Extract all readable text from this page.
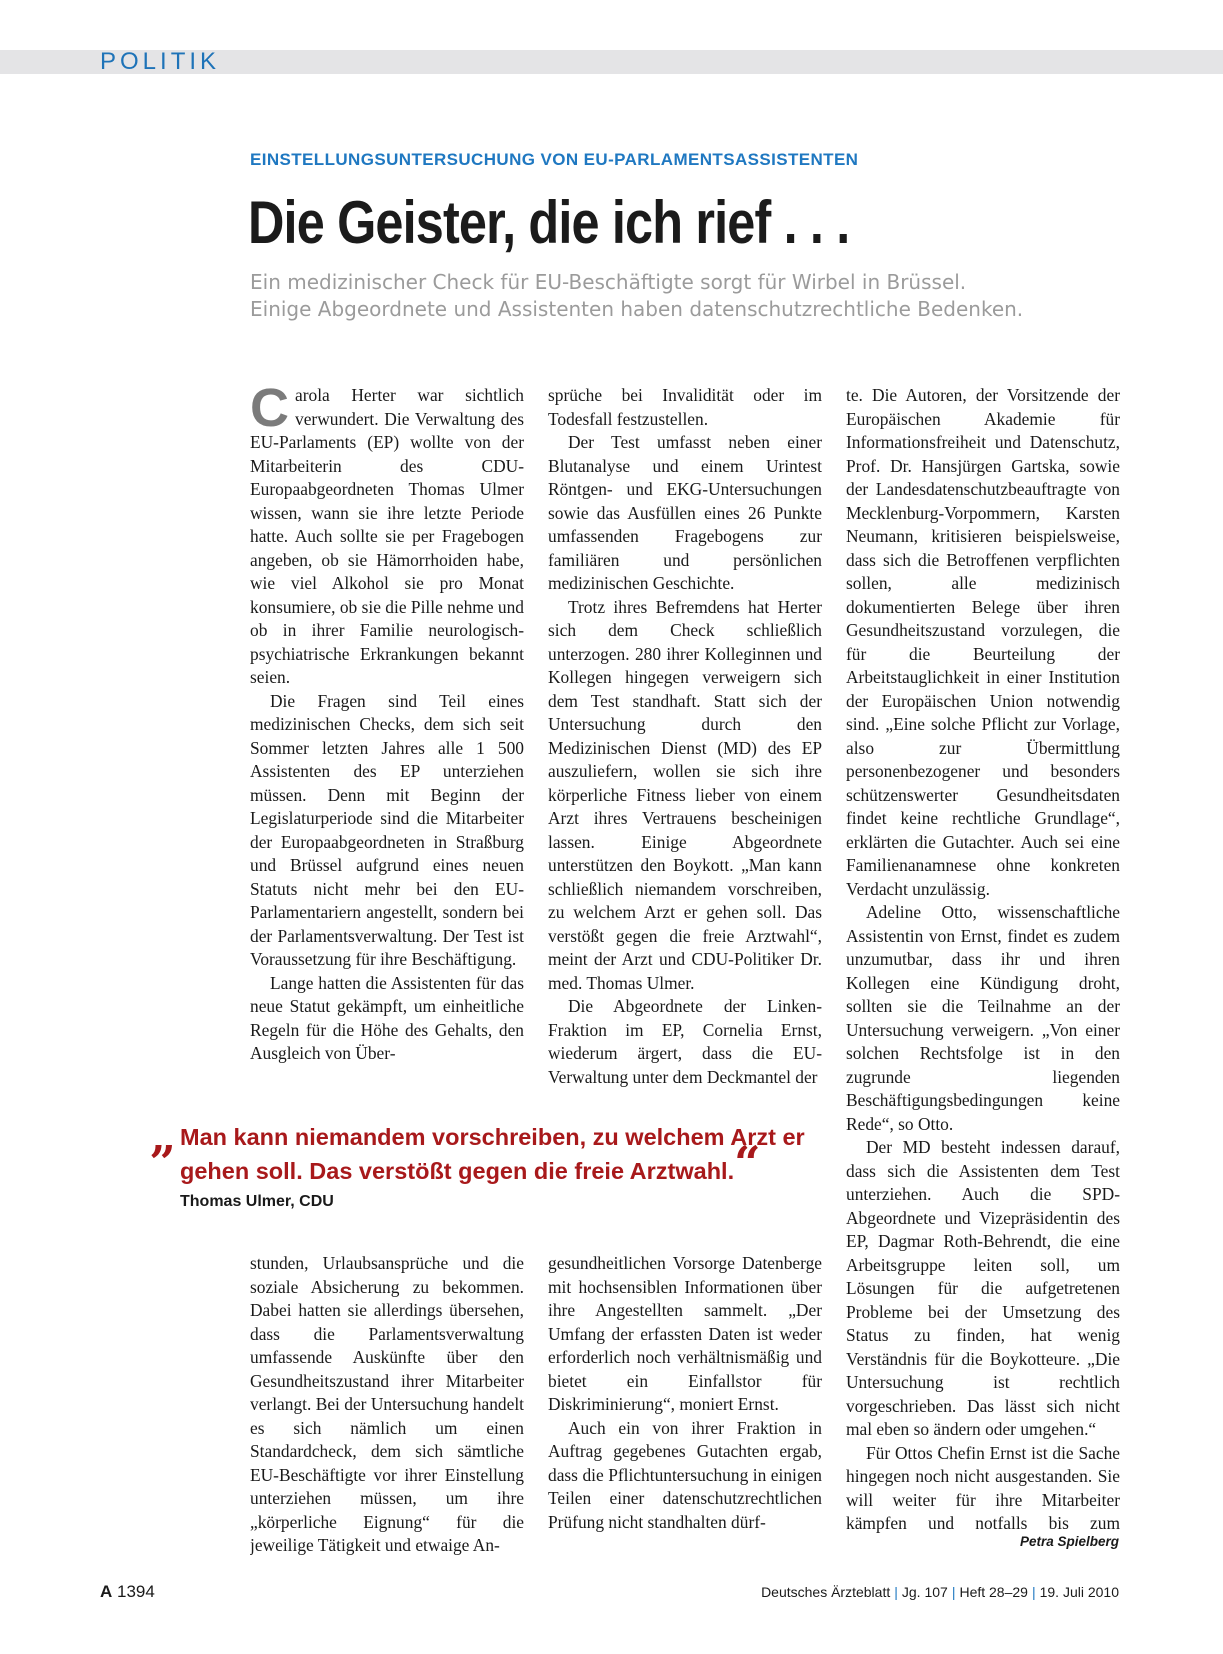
POLITIK
EINSTELLUNGSUNTERSUCHUNG VON EU-PARLAMENTSASSISTENTEN
Die Geister, die ich rief . . .
Ein medizinischer Check für EU-Beschäftigte sorgt für Wirbel in Brüssel.
Einige Abgeordnete und Assistenten haben datenschutzrechtliche Bedenken.

Carola Herter war sichtlich verwundert. Die Verwaltung des EU-Parlaments (EP) wollte von der Mitarbeiterin des CDU-Europaabgeordneten Thomas Ulmer wissen, wann sie ihre letzte Periode hatte. Auch sollte sie per Fragebogen angeben, ob sie Hämorrhoiden habe, wie viel Alkohol sie pro Monat konsumiere, ob sie die Pille nehme und ob in ihrer Familie neurologisch-psychiatrische Erkrankungen bekannt seien.

Die Fragen sind Teil eines medizinischen Checks, dem sich seit Sommer letzten Jahres alle 1 500 Assistenten des EP unterziehen müssen. Denn mit Beginn der Legislaturperiode sind die Mitarbeiter der Europaabgeordneten in Straßburg und Brüssel aufgrund eines neuen Statuts nicht mehr bei den EU-Parlamentariern angestellt, sondern bei der Parlamentsverwaltung. Der Test ist Voraussetzung für ihre Beschäftigung.

Lange hatten die Assistenten für das neue Statut gekämpft, um einheitliche Regeln für die Höhe des Gehalts, den Ausgleich von Über-

sprüche bei Invalidität oder im Todesfall festzustellen.

Der Test umfasst neben einer Blutanalyse und einem Urintest Röntgen- und EKG-Untersuchungen sowie das Ausfüllen eines 26 Punkte umfassenden Fragebogens zur familiären und persönlichen medizinischen Geschichte.

Trotz ihres Befremdens hat Herter sich dem Check schließlich unterzogen. 280 ihrer Kolleginnen und Kollegen hingegen verweigern sich dem Test standhaft. Statt sich der Untersuchung durch den Medizinischen Dienst (MD) des EP auszuliefern, wollen sie sich ihre körperliche Fitness lieber von einem Arzt ihres Vertrauens bescheinigen lassen. Einige Abgeordnete unterstützen den Boykott. „Man kann schließlich niemandem vorschreiben, zu welchem Arzt er gehen soll. Das verstößt gegen die freie Arztwahl“, meint der Arzt und CDU-Politiker Dr. med. Thomas Ulmer.

Die Abgeordnete der Linken-Fraktion im EP, Cornelia Ernst, wiederum ärgert, dass die EU-Verwaltung unter dem Deckmantel der

„ Man kann niemandem vorschreiben, zu welchem Arzt er gehen soll. Das verstößt gegen die freie Arztwahl.“
Thomas Ulmer, CDU

stunden, Urlaubsansprüche und die soziale Absicherung zu bekommen. Dabei hatten sie allerdings übersehen, dass die Parlamentsverwaltung umfassende Auskünfte über den Gesundheitszustand ihrer Mitarbeiter verlangt. Bei der Untersuchung handelt es sich nämlich um einen Standardcheck, dem sich sämtliche EU-Beschäftigte vor ihrer Einstellung unterziehen müssen, um ihre „körperliche Eignung“ für die jeweilige Tätigkeit und etwaige An-

gesundheitlichen Vorsorge Datenberge mit hochsensiblen Informationen über ihre Angestellten sammelt. „Der Umfang der erfassten Daten ist weder erforderlich noch verhältnismäßig und bietet ein Einfallstor für Diskriminierung“, moniert Ernst.

Auch ein von ihrer Fraktion in Auftrag gegebenes Gutachten ergab, dass die Pflichtuntersuchung in einigen Teilen einer datenschutzrechtlichen Prüfung nicht standhalten dürf-

te. Die Autoren, der Vorsitzende der Europäischen Akademie für Informationsfreiheit und Datenschutz, Prof. Dr. Hansjürgen Gartska, sowie der Landesdatenschutzbeauftragte von Mecklenburg-Vorpommern, Karsten Neumann, kritisieren beispielsweise, dass sich die Betroffenen verpflichten sollen, alle medizinisch dokumentierten Belege über ihren Gesundheitszustand vorzulegen, die für die Beurteilung der Arbeitstauglichkeit in einer Institution der Europäischen Union notwendig sind. „Eine solche Pflicht zur Vorlage, also zur Übermittlung personenbezogener und besonders schützenswerter Gesundheitsdaten findet keine rechtliche Grundlage“, erklärten die Gutachter. Auch sei eine Familienanamnese ohne konkreten Verdacht unzulässig.

Adeline Otto, wissenschaftliche Assistentin von Ernst, findet es zudem unzumutbar, dass ihr und ihren Kollegen eine Kündigung droht, sollten sie die Teilnahme an der Untersuchung verweigern. „Von einer solchen Rechtsfolge ist in den zugrunde liegenden Beschäftigungsbedingungen keine Rede“, so Otto.

Der MD besteht indessen darauf, dass sich die Assistenten dem Test unterziehen. Auch die SPD-Abgeordnete und Vizepräsidentin des EP, Dagmar Roth-Behrendt, die eine Arbeitsgruppe leiten soll, um Lösungen für die aufgetretenen Probleme bei der Umsetzung des Status zu finden, hat wenig Verständnis für die Boykotteure. „Die Untersuchung ist rechtlich vorgeschrieben. Das lässt sich nicht mal eben so ändern oder umgehen.“

Für Ottos Chefin Ernst ist die Sache hingegen noch nicht ausgestanden. Sie will weiter für ihre Mitarbeiter kämpfen und notfalls bis zum

Petra Spielberg
A 1394	Deutsches Ärzteblatt | Jg. 107 | Heft 28–29 | 19. Juli 2010
